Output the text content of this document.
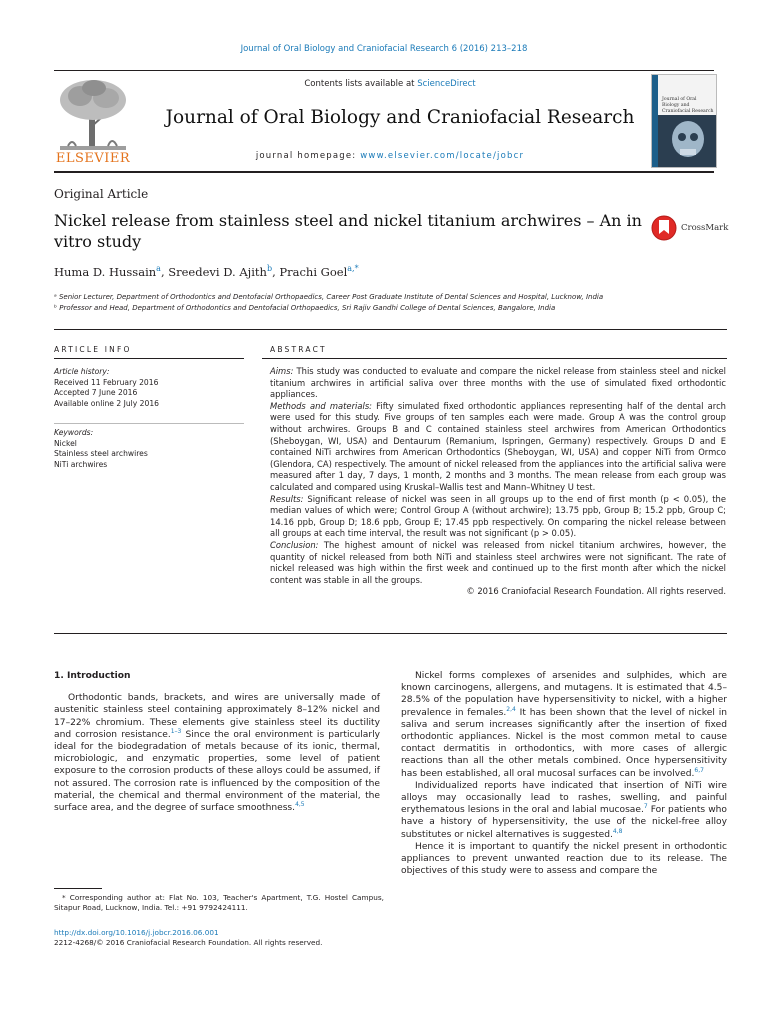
Journal of Oral Biology and Craniofacial Research 6 (2016) 213–218
ELSEVIER
Contents lists available at ScienceDirect
Journal of Oral Biology and Craniofacial Research
journal homepage: www.elsevier.com/locate/jobcr
Journal of Oral Biology and
Craniofacial Research
Original Article
Nickel release from stainless steel and nickel titanium archwires – An in vitro study
CrossMark
Huma D. Hussain$^a$, Sreedevi D. Ajith$^b$, Prachi Goel$^{a,*}$
ᵃ Senior Lecturer, Department of Orthodontics and Dentofacial Orthopaedics, Career Post Graduate Institute of Dental Sciences and Hospital, Lucknow, India
ᵇ Professor and Head, Department of Orthodontics and Dentofacial Orthopaedics, Sri Rajiv Gandhi College of Dental Sciences, Bangalore, India
ARTICLE INFO
Article history:
Received 11 February 2016
Accepted 7 June 2016
Available online 2 July 2016
Keywords:
Nickel
Stainless steel archwires
NiTi archwires
ABSTRACT

Aims: This study was conducted to evaluate and compare the nickel release from stainless steel and nickel titanium archwires in artificial saliva over three months with the use of simulated fixed orthodontic appliances.

Methods and materials: Fifty simulated fixed orthodontic appliances representing half of the dental arch were used for this study. Five groups of ten samples each were made. Group A was the control group without archwires. Groups B and C contained stainless steel archwires from American Orthodontics (Sheboygan, WI, USA) and Dentaurum (Remanium, Ispringen, Germany) respectively. Groups D and E contained NiTi archwires from American Orthodontics (Sheboygan, WI, USA) and copper NiTi from Ormco (Glendora, CA) respectively. The amount of nickel released from the appliances into the artificial saliva were measured after 1 day, 7 days, 1 month, 2 months and 3 months. The mean release from each group was calculated and compared using Kruskal–Wallis test and Mann–Whitney U test.

Results: Significant release of nickel was seen in all groups up to the end of first month (p < 0.05), the median values of which were; Control Group A (without archwire); 13.75 ppb, Group B; 15.2 ppb, Group C; 14.16 ppb, Group D; 18.6 ppb, Group E; 17.45 ppb respectively. On comparing the nickel release between all groups at each time interval, the result was not significant (p > 0.05).

Conclusion: The highest amount of nickel was released from nickel titanium archwires, however, the quantity of nickel released from both NiTi and stainless steel archwires were not significant. The rate of nickel released was high within the first week and continued up to the first month after which the nickel content was stable in all the groups.

© 2016 Craniofacial Research Foundation. All rights reserved.

1. Introduction

Orthodontic bands, brackets, and wires are universally made of austenitic stainless steel containing approximately 8–12% nickel and 17–22% chromium. These elements give stainless steel its ductility and corrosion resistance.$^{1-3}$ Since the oral environment is particularly ideal for the biodegradation of metals because of its ionic, thermal, microbiologic, and enzymatic properties, some level of patient exposure to the corrosion products of these alloys could be assumed, if not assured. The corrosion rate is influenced by the composition of the material, the chemical and thermal environment of the material, the surface area, and the degree of surface smoothness.$^{4,5}$

Nickel forms complexes of arsenides and sulphides, which are known carcinogens, allergens, and mutagens. It is estimated that 4.5–28.5% of the population have hypersensitivity to nickel, with a higher prevalence in females.$^{2,4}$ It has been shown that the level of nickel in saliva and serum increases significantly after the insertion of fixed orthodontic appliances. Nickel is the most common metal to cause contact dermatitis in orthodontics, with more cases of allergic reactions than all the other metals combined. Once hypersensitivity has been established, all oral mucosal surfaces can be involved.$^{6,7}$

Individualized reports have indicated that insertion of NiTi wire alloys may occasionally lead to rashes, swelling, and painful erythematous lesions in the oral and labial mucosae.$^7$ For patients who have a history of hypersensitivity, the use of the nickel-free alloy substitutes or nickel alternatives is suggested.$^{4,8}$

Hence it is important to quantify the nickel present in orthodontic appliances to prevent unwanted reaction due to its release. The objectives of this study were to assess and compare the

* Corresponding author at: Flat No. 103, Teacher's Apartment, T.G. Hostel Campus, Sitapur Road, Lucknow, India. Tel.: +91 9792424111.
http://dx.doi.org/10.1016/j.jobcr.2016.06.001
2212-4268/© 2016 Craniofacial Research Foundation. All rights reserved.
